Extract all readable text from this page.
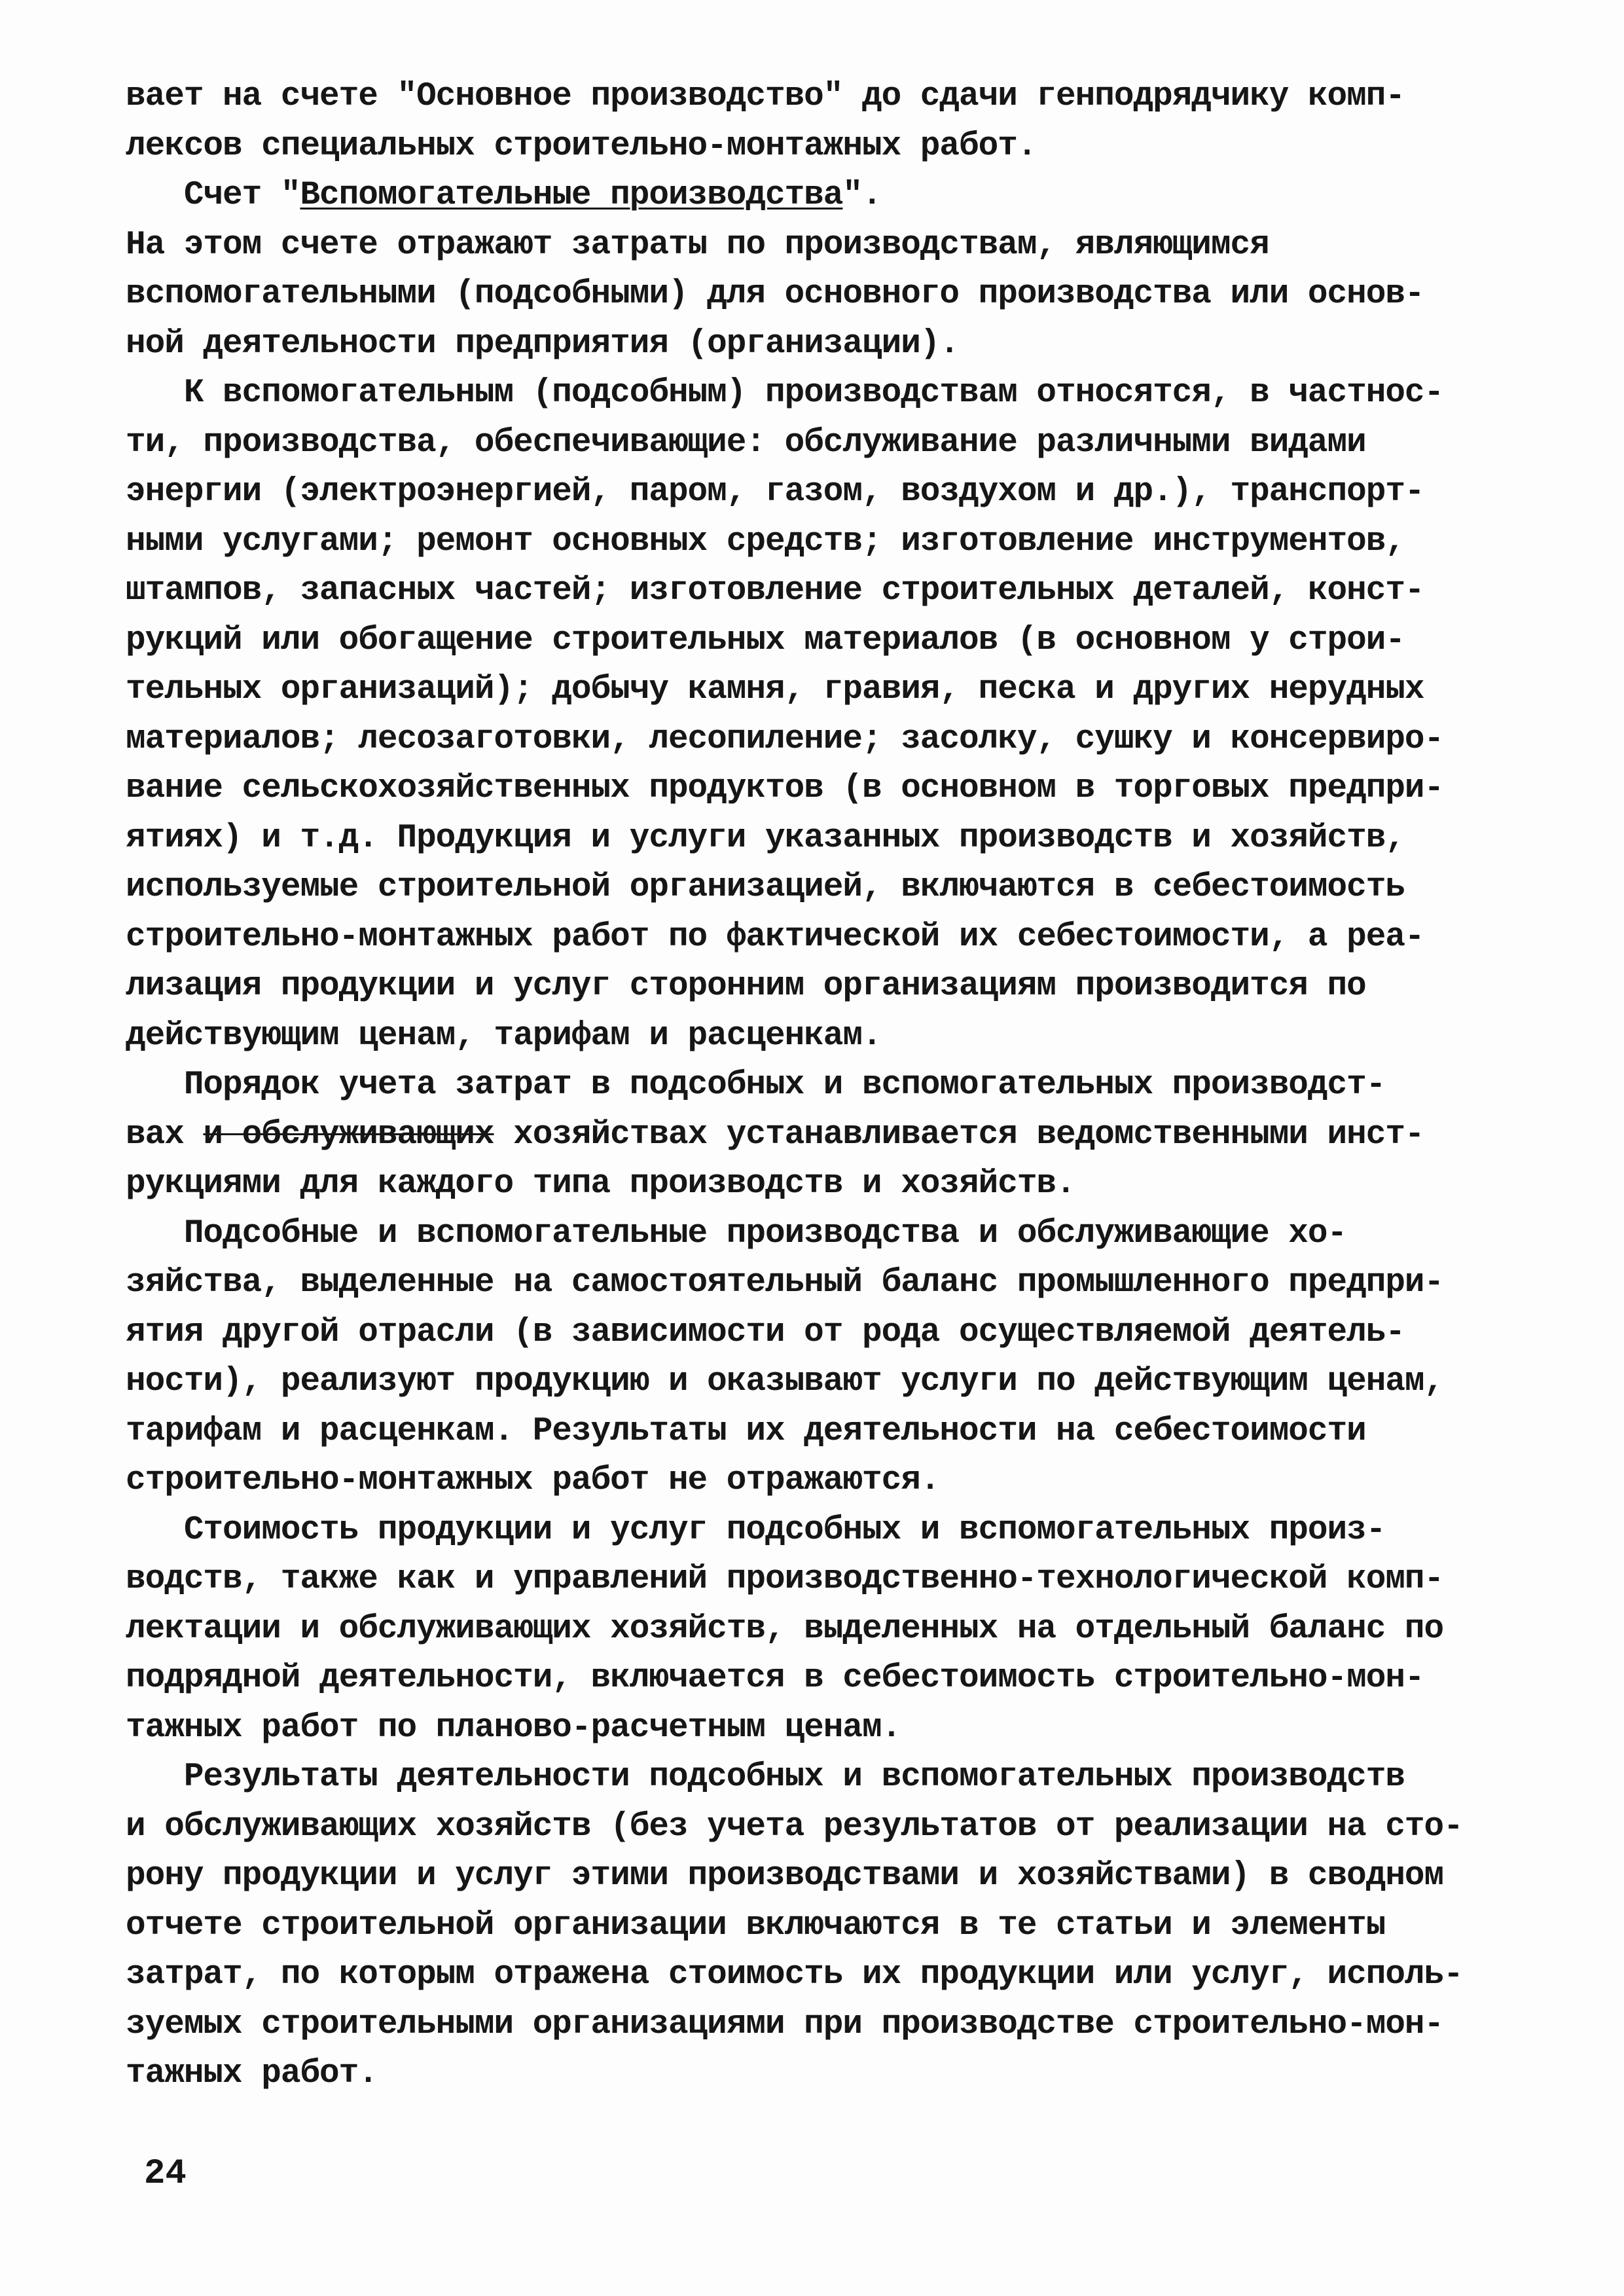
вает на счете "Основное производство" до сдачи генподрядчику комп-
лексов специальных строительно-монтажных работ.
Счет "Вспомогательные производства".
На этом счете отражают затраты по производствам, являющимся
вспомогательными (подсобными) для основного производства или основ-
ной деятельности предприятия (организации).
К вспомогательным (подсобным) производствам относятся, в частнос-
ти, производства, обеспечивающие: обслуживание различными видами
энергии (электроэнергией, паром, газом, воздухом и др.), транспорт-
ными услугами; ремонт основных средств; изготовление инструментов,
штампов, запасных частей; изготовление строительных деталей, конст-
рукций или обогащение строительных материалов (в основном у строи-
тельных организаций); добычу камня, гравия, песка и других нерудных
материалов; лесозаготовки, лесопиление; засолку, сушку и консервиро-
вание сельскохозяйственных продуктов (в основном в торговых предпри-
ятиях) и т.д. Продукция и услуги указанных производств и хозяйств,
используемые строительной организацией, включаются в себестоимость
строительно-монтажных работ по фактической их себестоимости, а реа-
лизация продукции и услуг сторонним организациям производится по
действующим ценам, тарифам и расценкам.
Порядок учета затрат в подсобных и вспомогательных производст-
вах и обслуживающих хозяйствах устанавливается ведомственными инст-
рукциями для каждого типа производств и хозяйств.
Подсобные и вспомогательные производства и обслуживающие хо-
зяйства, выделенные на самостоятельный баланс промышленного предпри-
ятия другой отрасли (в зависимости от рода осуществляемой деятель-
ности), реализуют продукцию и оказывают услуги по действующим ценам,
тарифам и расценкам. Результаты их деятельности на себестоимости
строительно-монтажных работ не отражаются.
Стоимость продукции и услуг подсобных и вспомогательных произ-
водств, также как и управлений производственно-технологической комп-
лектации и обслуживающих хозяйств, выделенных на отдельный баланс по
подрядной деятельности, включается в себестоимость строительно-мон-
тажных работ по планово-расчетным ценам.
Результаты деятельности подсобных и вспомогательных производств
и обслуживающих хозяйств (без учета результатов от реализации на сто-
рону продукции и услуг этими производствами и хозяйствами) в сводном
отчете строительной организации включаются в те статьи и элементы
затрат, по которым отражена стоимость их продукции или услуг, исполь-
зуемых строительными организациями при производстве строительно-мон-
тажных работ.
24
